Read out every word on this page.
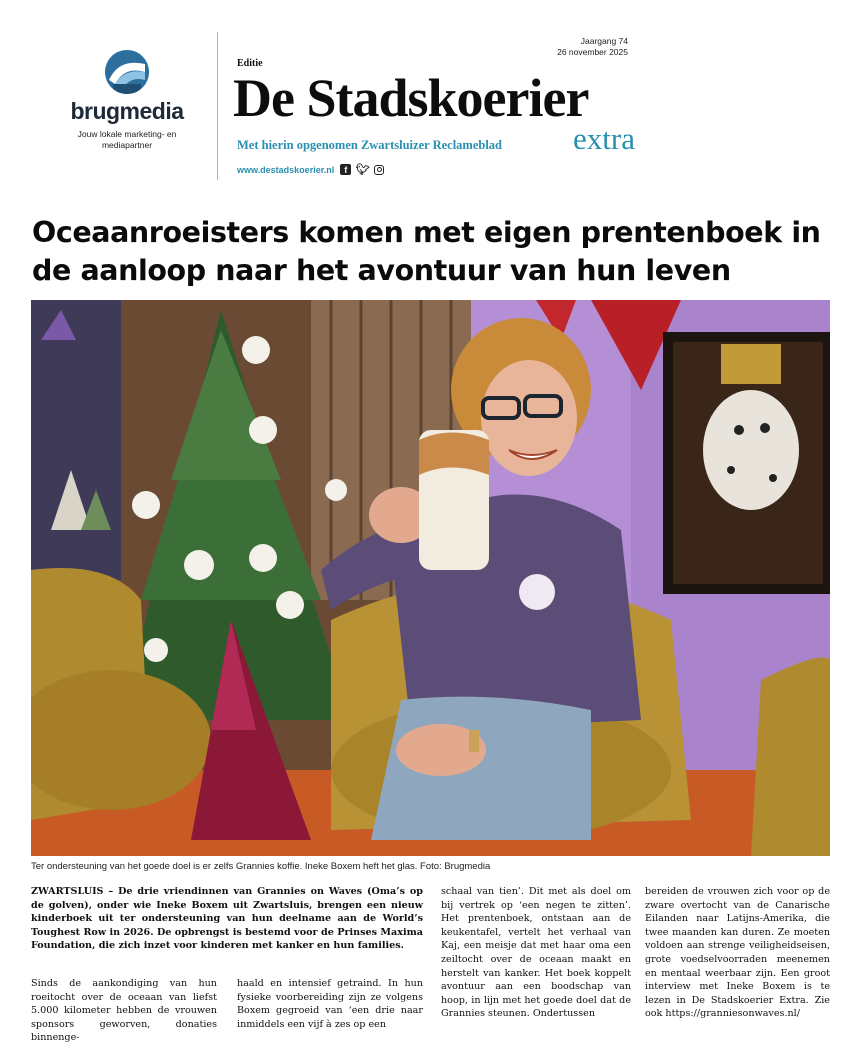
brugmedia
Jouw lokale marketing- en mediapartner
Jaargang 74
26 november 2025
Editie
De Stadskoerier
Met hierin opgenomen Zwartsluizer Reclameblad extra
www.destadskoerier.nl	f 🐦︎
Oceaanroeisters komen met eigen prentenboek in de aanloop naar het avontuur van hun leven
Ter ondersteuning van het goede doel is er zelfs Grannies koffie. Ineke Boxem heft het glas. Foto: Brugmedia

ZWARTSLUIS – De drie vriendinnen van Grannies on Waves (Oma’s op de golven), onder wie Ineke Boxem uit Zwartsluis, brengen een nieuw kinderboek uit ter ondersteuning van hun deelname aan de World’s Toughest Row in 2026. De opbrengst is bestemd voor de Prinses Maxima Foundation, die zich inzet voor kinderen met kanker en hun families.

Sinds de aankondiging van hun roeitocht over de oceaan van liefst 5.000 kilometer hebben de vrouwen sponsors geworven, donaties binnenge-

haald en intensief getraind. In hun fysieke voorbereiding zijn ze volgens Boxem gegroeid van ‘een drie naar inmiddels een vijf à zes op een

schaal van tien’. Dit met als doel om bij vertrek op ‘een negen te zitten’. Het prentenboek, ontstaan aan de keukentafel, vertelt het verhaal van Kaj, een meisje dat met haar oma een zeiltocht over de oceaan maakt en herstelt van kanker. Het boek koppelt avontuur aan een boodschap van hoop, in lijn met het goede doel dat de Grannies steunen. Ondertussen

bereiden de vrouwen zich voor op de zware overtocht van de Canarische Eilanden naar Latijns-Amerika, die twee maanden kan duren. Ze moeten voldoen aan strenge veiligheidseisen, grote voedselvoorraden meenemen en mentaal weerbaar zijn. Een groot interview met Ineke Boxem is te lezen in De Stadskoerier Extra. Zie ook https://granniesonwaves.nl/
